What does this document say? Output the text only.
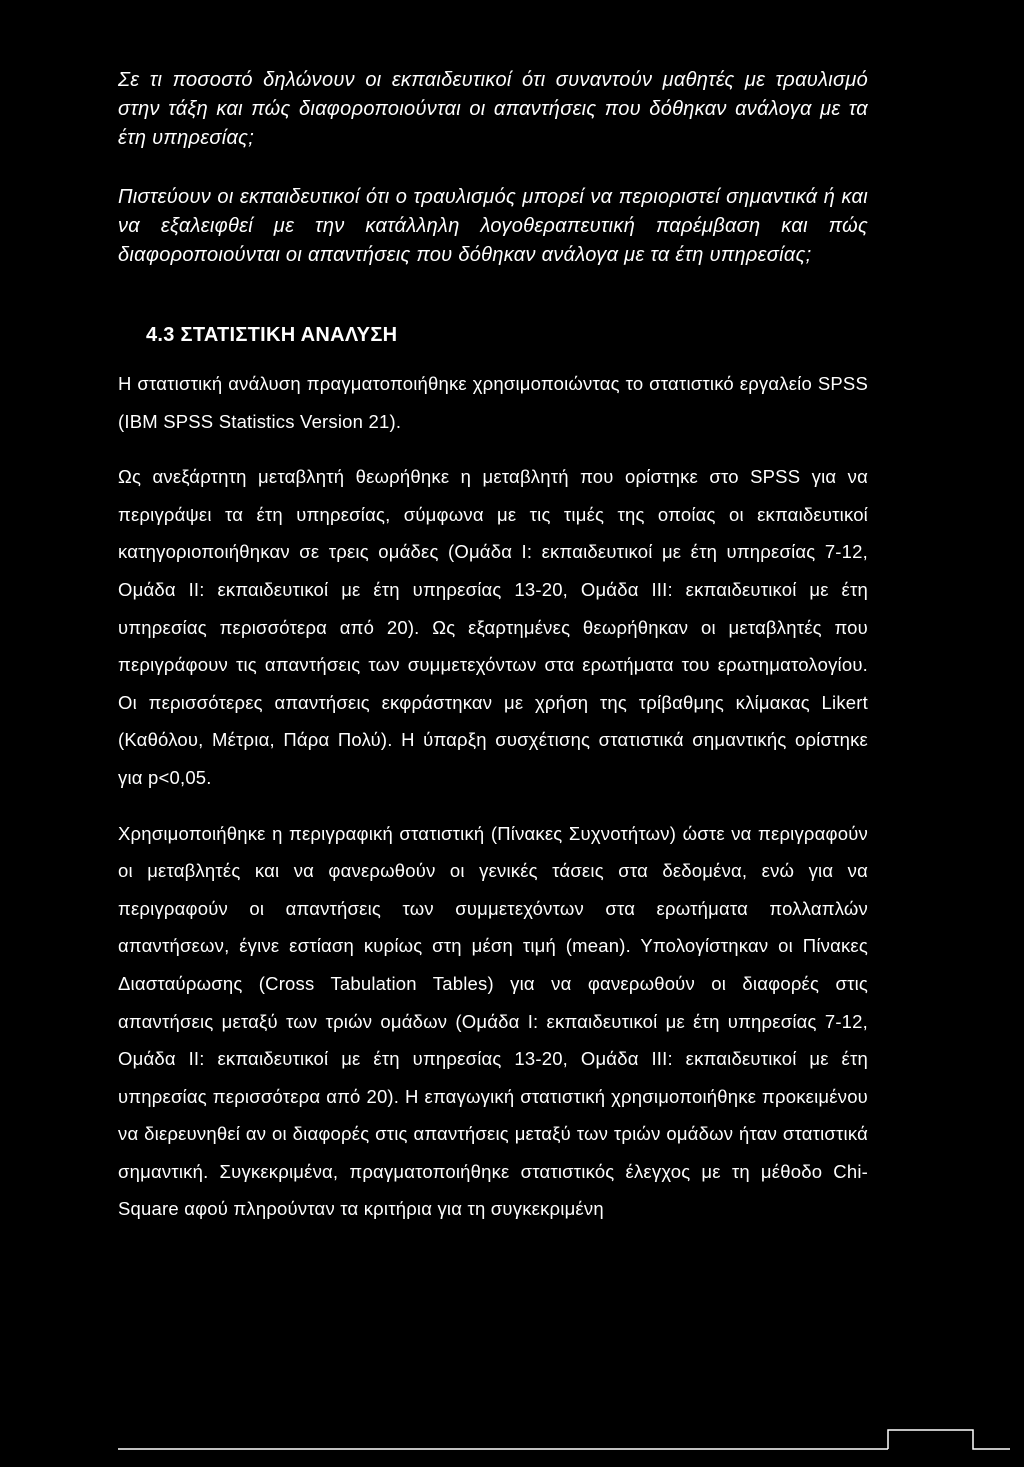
Σε τι ποσοστό δηλώνουν οι εκπαιδευτικοί ότι συναντούν μαθητές με τραυλισμό στην τάξη και πώς διαφοροποιούνται οι απαντήσεις που δόθηκαν ανάλογα με τα έτη υπηρεσίας;

Πιστεύουν οι εκπαιδευτικοί ότι ο τραυλισμός μπορεί να περιοριστεί σημαντικά ή και να εξαλειφθεί με την κατάλληλη λογοθεραπευτική παρέμβαση και πώς διαφοροποιούνται οι απαντήσεις που δόθηκαν ανάλογα με τα έτη υπηρεσίας;

4.3 ΣΤΑΤΙΣΤΙΚΗ ΑΝΑΛΥΣΗ

Η στατιστική ανάλυση πραγματοποιήθηκε χρησιμοποιώντας το στατιστικό εργαλείο SPSS (IBM SPSS Statistics Version 21).

Ως ανεξάρτητη μεταβλητή θεωρήθηκε η μεταβλητή που ορίστηκε στο SPSS για να περιγράψει τα έτη υπηρεσίας, σύμφωνα με τις τιμές της οποίας οι εκπαιδευτικοί κατηγοριοποιήθηκαν σε τρεις ομάδες (Ομάδα I: εκπαιδευτικοί με έτη υπηρεσίας 7-12, Ομάδα II: εκπαιδευτικοί με έτη υπηρεσίας 13-20, Ομάδα III: εκπαιδευτικοί με έτη υπηρεσίας περισσότερα από 20). Ως εξαρτημένες θεωρήθηκαν οι μεταβλητές που περιγράφουν τις απαντήσεις των συμμετεχόντων στα ερωτήματα του ερωτηματολογίου. Οι περισσότερες απαντήσεις εκφράστηκαν με χρήση της τρίβαθμης κλίμακας Likert (Καθόλου, Μέτρια, Πάρα Πολύ). Η ύπαρξη συσχέτισης στατιστικά σημαντικής ορίστηκε για p<0,05.

Χρησιμοποιήθηκε η περιγραφική στατιστική (Πίνακες Συχνοτήτων) ώστε να περιγραφούν οι μεταβλητές και να φανερωθούν οι γενικές τάσεις στα δεδομένα, ενώ για να περιγραφούν οι απαντήσεις των συμμετεχόντων στα ερωτήματα πολλαπλών απαντήσεων, έγινε εστίαση κυρίως στη μέση τιμή (mean). Υπολογίστηκαν οι Πίνακες Διασταύρωσης (Cross Tabulation Tables) για να φανερωθούν οι διαφορές στις απαντήσεις μεταξύ των τριών ομάδων (Ομάδα I: εκπαιδευτικοί με έτη υπηρεσίας 7-12, Ομάδα II: εκπαιδευτικοί με έτη υπηρεσίας 13-20, Ομάδα III: εκπαιδευτικοί με έτη υπηρεσίας περισσότερα από 20). Η επαγωγική στατιστική χρησιμοποιήθηκε προκειμένου να διερευνηθεί αν οι διαφορές στις απαντήσεις μεταξύ των τριών ομάδων ήταν στατιστικά σημαντική. Συγκεκριμένα, πραγματοποιήθηκε στατιστικός έλεγχος με τη μέθοδο Chi-Square αφού πληρούνταν τα κριτήρια για τη συγκεκριμένη
